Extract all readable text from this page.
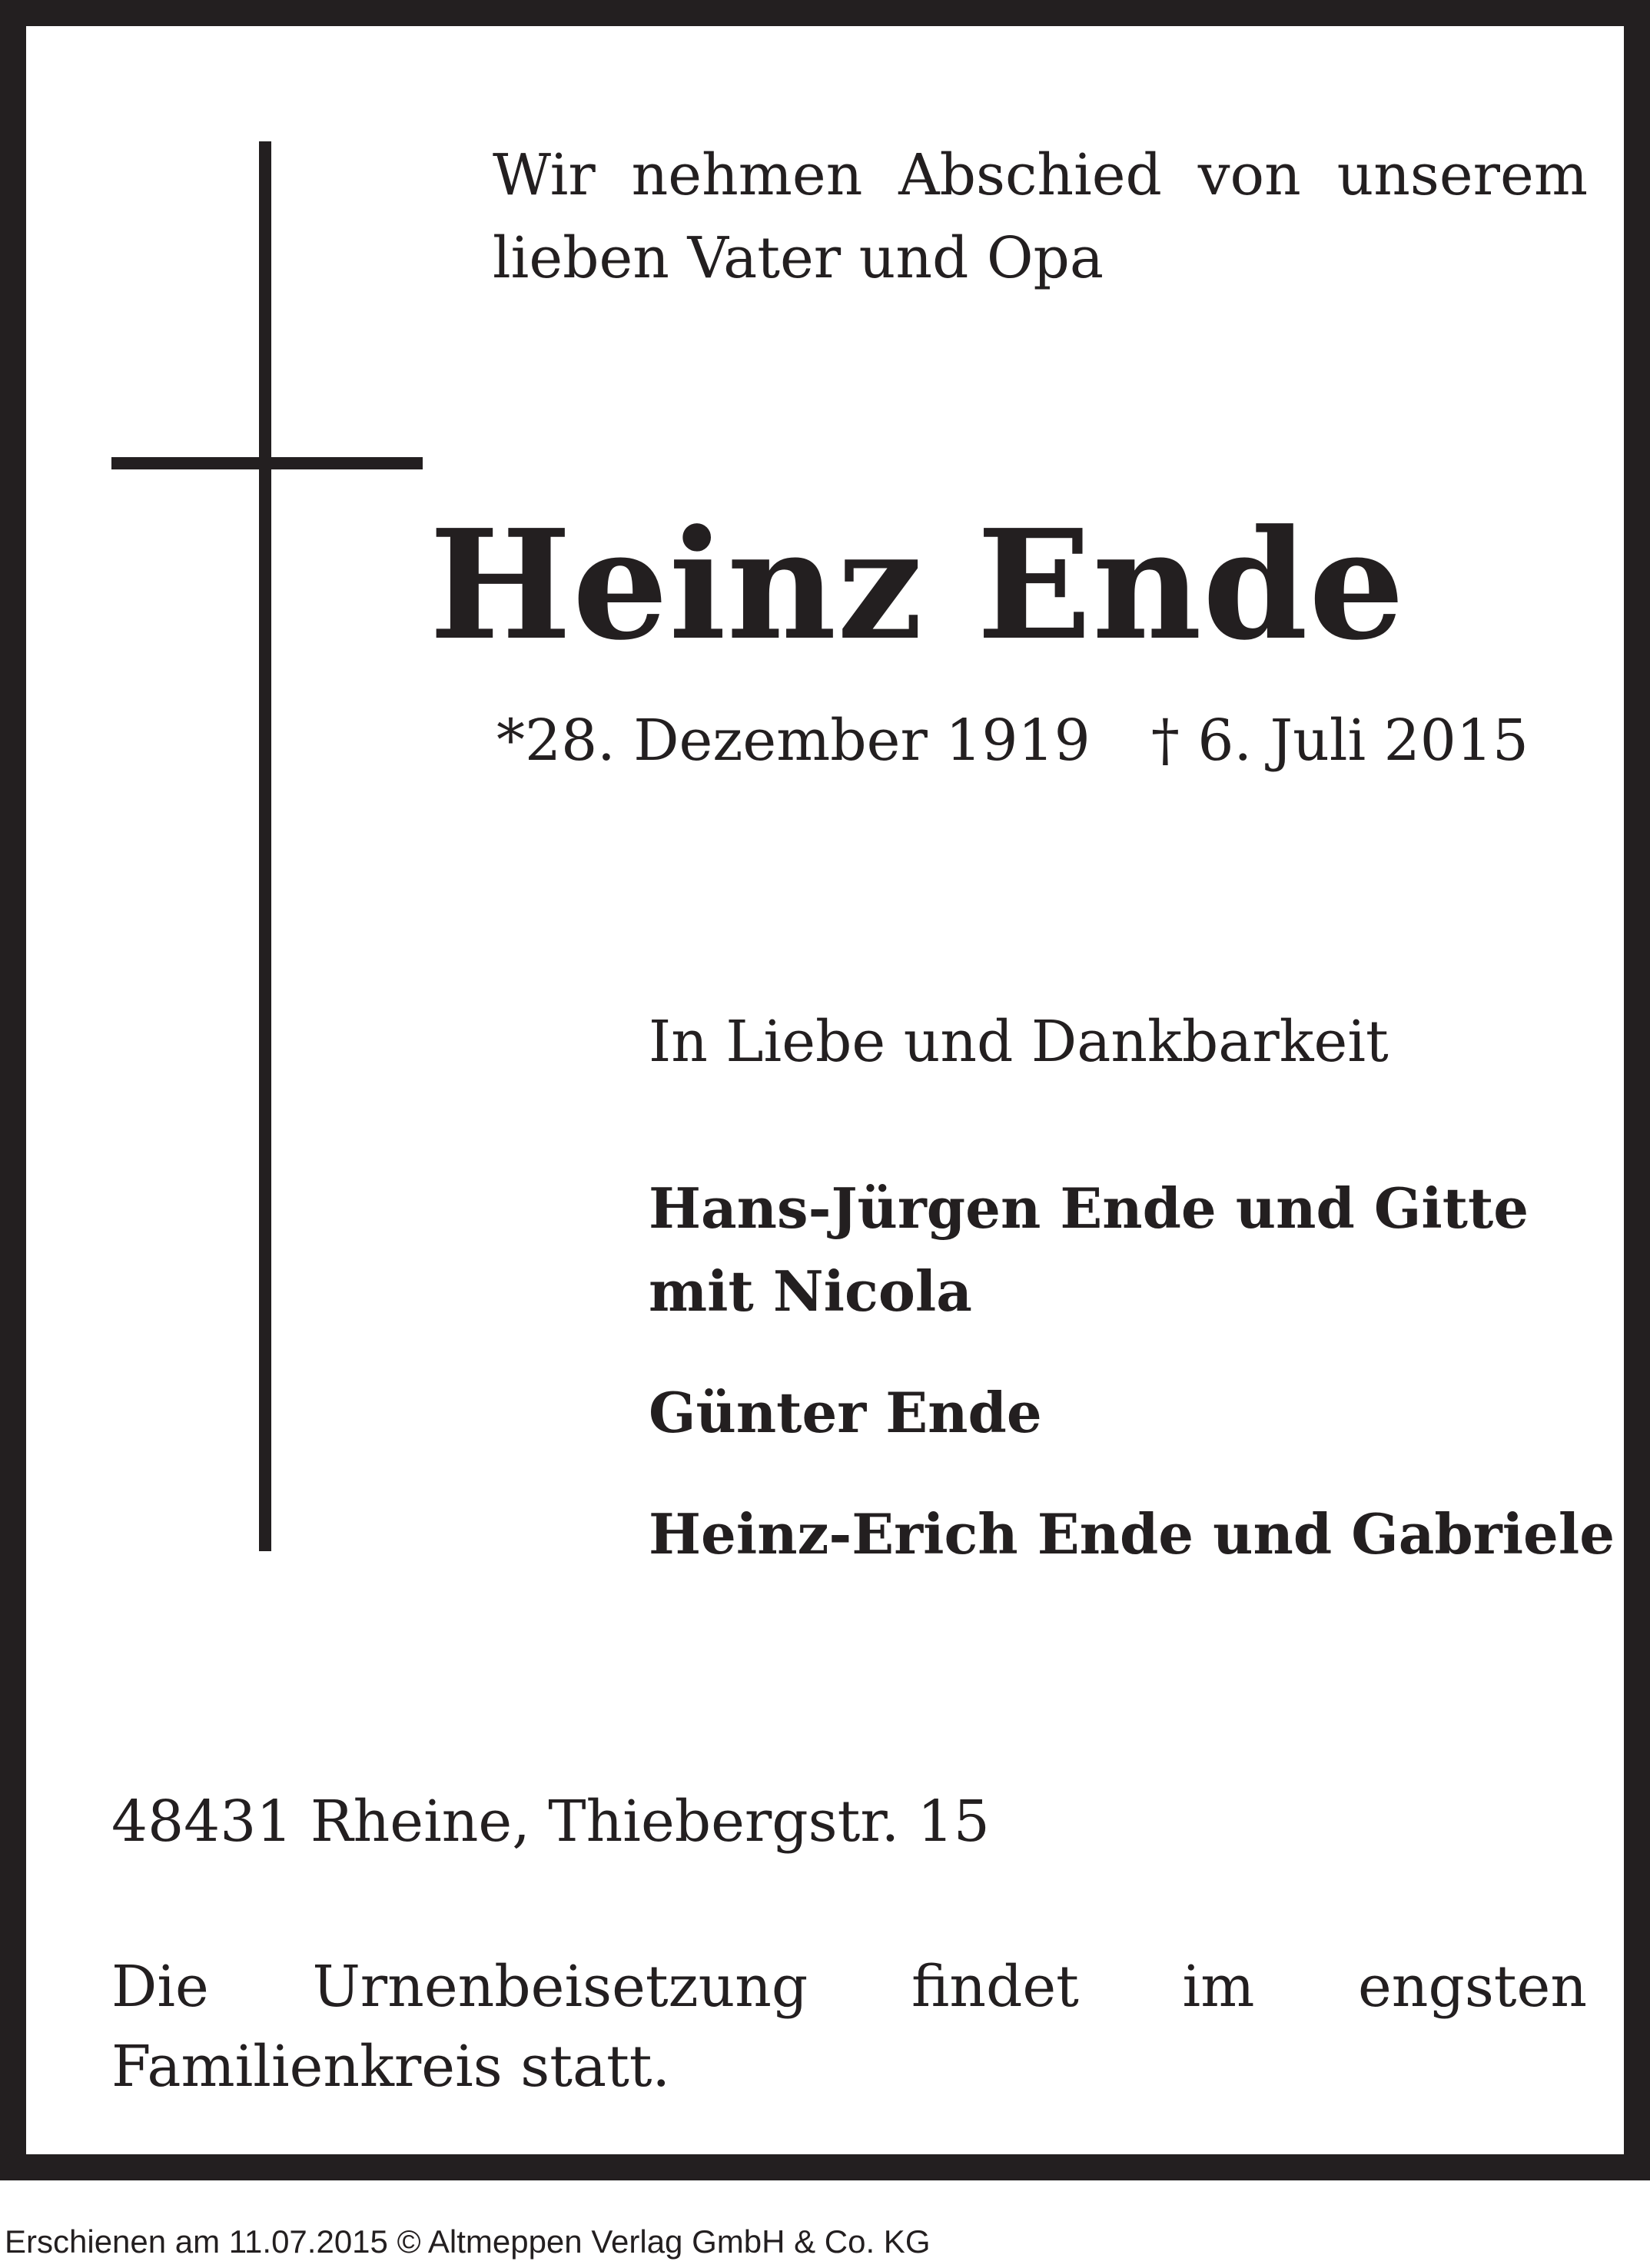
Wir nehmen Abschied von unserem lieben Vater und Opa

Heinz Ende
*28. Dezember 1919 † 6. Juli 2015
In Liebe und Dankbarkeit
Hans-Jürgen Ende und Gitte
mit Nicola
Günter Ende
Heinz-Erich Ende und Gabriele
48431 Rheine, Thiebergstr. 15

Die Urnenbeisetzung findet im engsten Familienkreis statt.

Erschienen am 11.07.2015 © Altmeppen Verlag GmbH & Co. KG
